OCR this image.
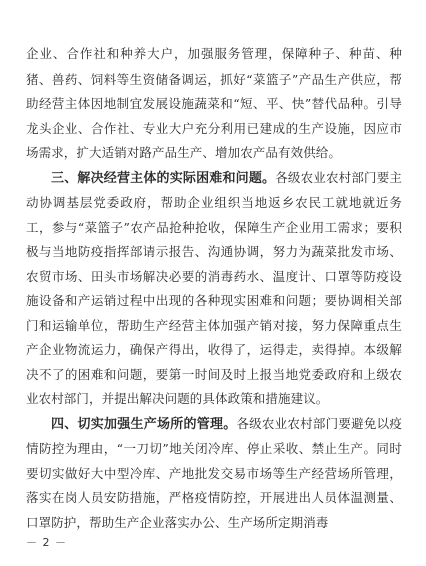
企业、合作社和种养大户，加强服务管理，保障种子、种苗、种猪、兽药、饲料等生资储备调运，抓好“菜篮子”产品生产供应，帮助经营主体因地制宜发展设施蔬菜和“短、平、快”替代品种。引导龙头企业、合作社、专业大户充分利用已建成的生产设施，因应市场需求，扩大适销对路产品生产、增加农产品有效供给。

三、解决经营主体的实际困难和问题。各级农业农村部门要主动协调基层党委政府，帮助企业组织当地返乡农民工就地就近务工，参与“菜篮子”农产品抢种抢收，保障生产企业用工需求；要积极与当地防疫指挥部请示报告、沟通协调，努力为蔬菜批发市场、农贸市场、田头市场解决必要的消毒药水、温度计、口罩等防疫设施设备和产运销过程中出现的各种现实困难和问题；要协调相关部门和运输单位，帮助生产经营主体加强产销对接，努力保障重点生产企业物流运力，确保产得出，收得了，运得走，卖得掉。本级解决不了的困难和问题，要第一时间及时上报当地党委政府和上级农业农村部门，并提出解决问题的具体政策和措施建议。

四、切实加强生产场所的管理。各级农业农村部门要避免以疫情防控为理由，“一刀切”地关闭冷库、停止采收、禁止生产。同时要切实做好大中型冷库、产地批发交易市场等生产经营场所管理，落实在岗人员安防措施，严格疫情防控，开展进出人员体温测量、口罩防护，帮助生产企业落实办公、生产场所定期消毒

－ 2 －
